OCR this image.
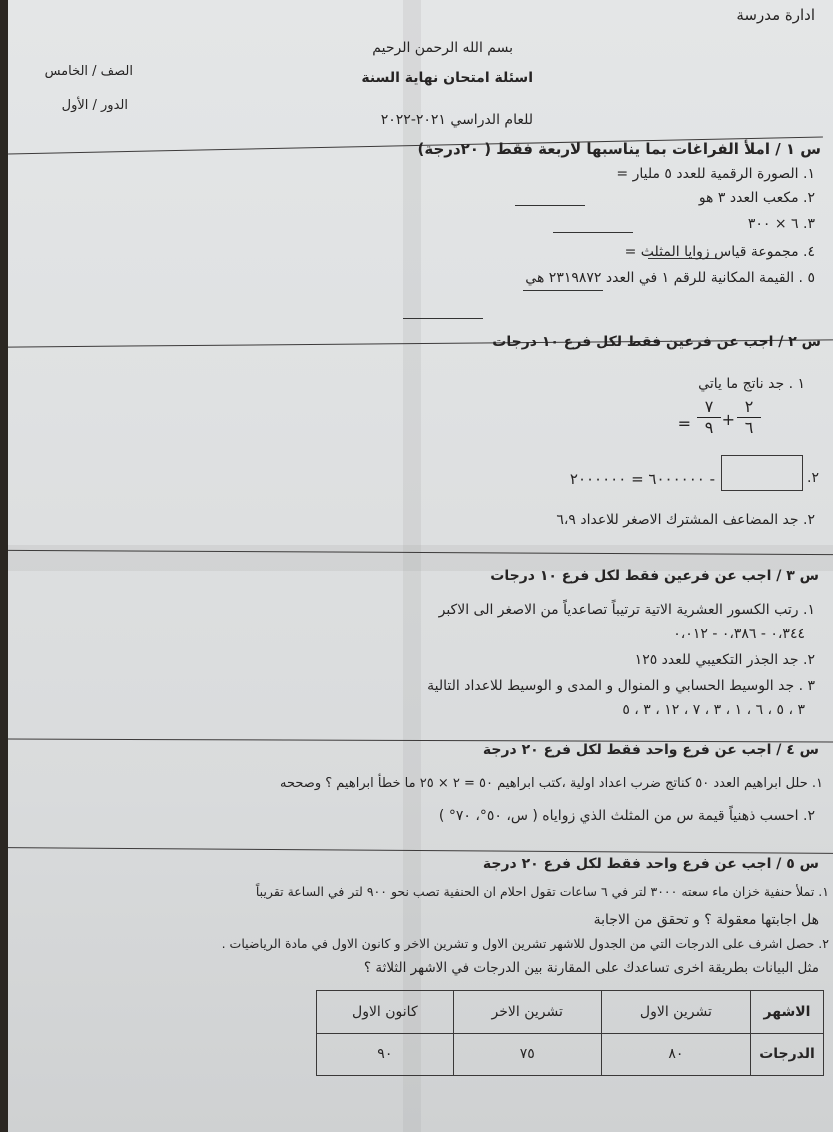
ادارة مدرسة
بسم الله الرحمن الرحيم
اسئلة امتحان نهاية السنة
للعام الدراسي ٢٠٢١-٢٠٢٢
الصف / الخامس
الدور / الأول
س ١ / املأ الفراغات بما يناسبها لاربعة فقط ( ٢٠درجة)
١. الصورة الرقمية للعدد ٥ مليار =
٢. مكعب العدد ٣ هو
٣. ٦ × ٣٠٠
٤. مجموعة قياس زوايا المثلث =
٥ . القيمة المكانية للرقم ١ في العدد ٢٣١٩٨٧٢ هي
س ٢ / اجب عن فرعين فقط لكل فرع ١٠ درجات
١ . جد ناتج ما ياتي
٢
٦
+
٧
٩
=
٢.
- ٦٠٠٠٠٠٠ = ٢٠٠٠٠٠٠
٢. جد المضاعف المشترك الاصغر للاعداد ٦،٩
س ٣ / اجب عن فرعين فقط لكل فرع ١٠ درجات
١. رتب الكسور العشرية الاتية ترتيباً تصاعدياً من الاصغر الى الاكبر
٠،٣٤٤ - ٠،٣٨٦ - ٠،٠١٢
٢. جد الجذر التكعيبي للعدد ١٢٥
٣ . جد الوسيط الحسابي و المنوال و المدى و الوسيط للاعداد التالية
٣ ، ٥ ، ٦ ، ١ ، ٣ ، ٧ ، ١٢ ، ٣ ، ٥
س ٤ / اجب عن فرع واحد فقط لكل فرع ٢٠ درجة
١. حلل ابراهيم العدد ٥٠ كناتج ضرب اعداد اولية ،كتب ابراهيم ٥٠ = ٢ × ٢٥ ما خطأ ابراهيم ؟ وصححه
٢. احسب ذهنياً قيمة س من المثلث الذي زواياه ( س، ٥٠°، ٧٠° )
س ٥ / اجب عن فرع واحد فقط لكل فرع ٢٠ درجة
١. تملأ حنفية خزان ماء سعته ٣٠٠٠ لتر في ٦ ساعات تقول احلام ان الحنفية تصب نحو ٩٠٠ لتر في الساعة تقريباً
هل اجابتها معقولة ؟ و تحقق من الاجابة
٢. حصل اشرف على الدرجات التي من الجدول للاشهر تشرين الاول و تشرين الاخر و كانون الاول في مادة الرياضيات .
مثل البيانات بطريقة اخرى تساعدك على المقارنة بين الدرجات في الاشهر الثلاثة ؟
الاشهر	تشرين الاول	تشرين الاخر	كانون الاول
الدرجات	٨٠	٧٥	٩٠
